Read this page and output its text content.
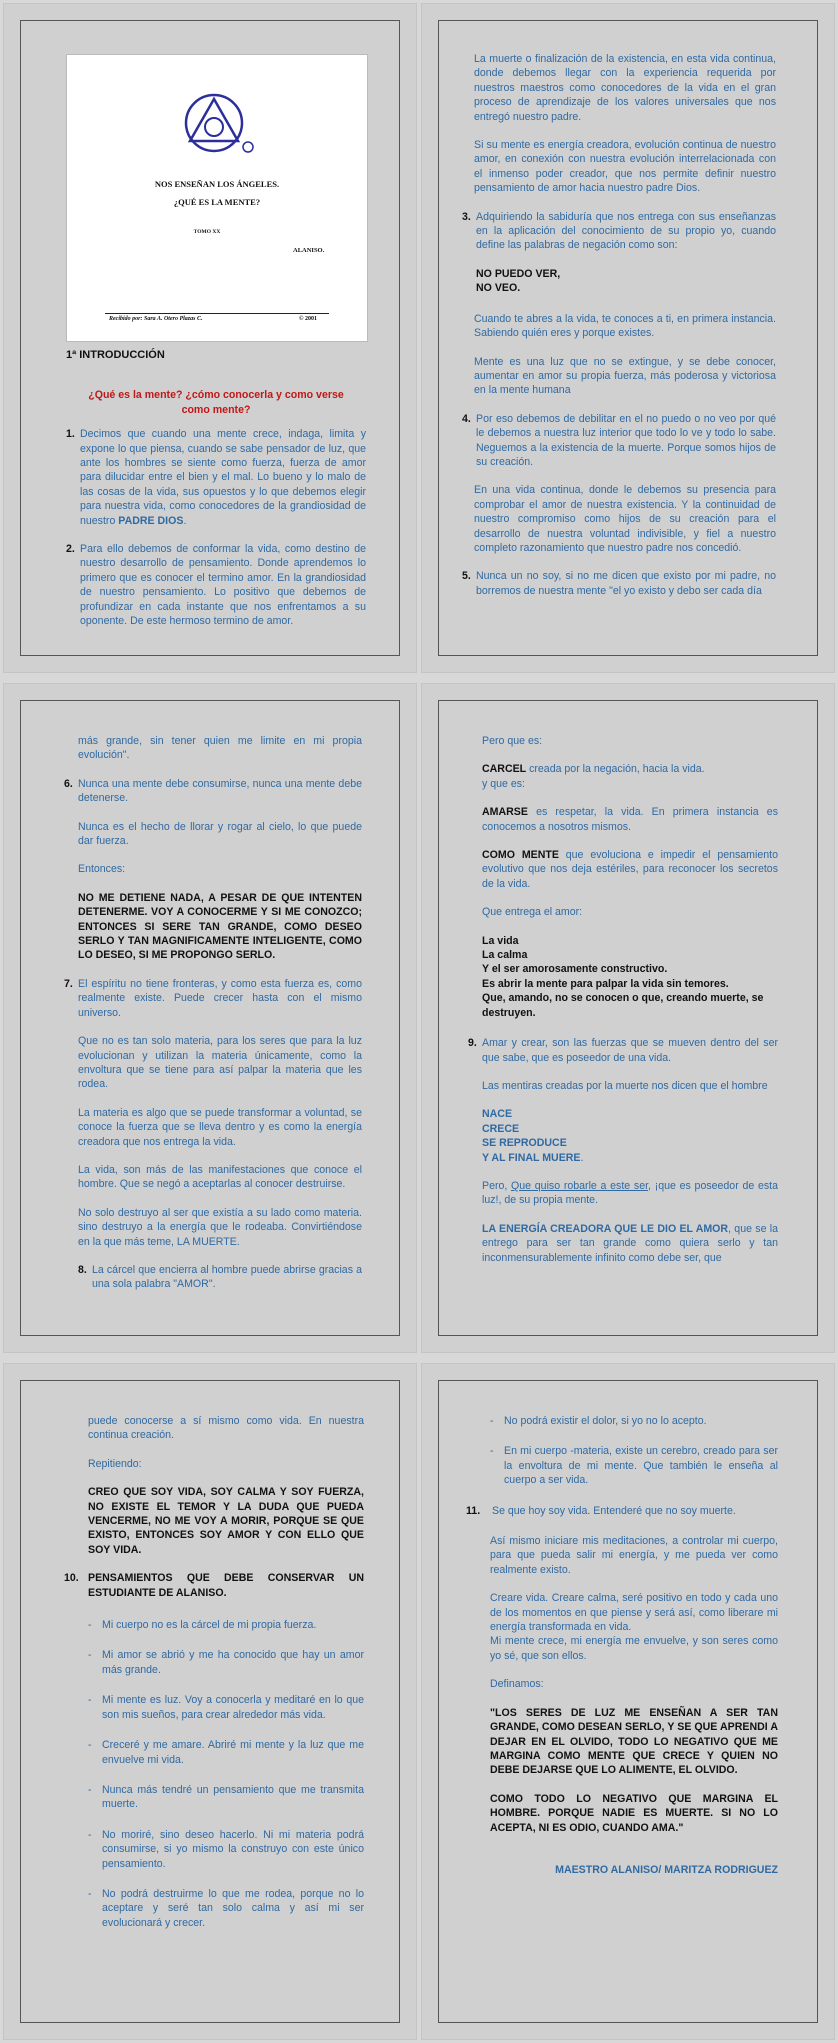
NOS ENSEÑAN LOS ÁNGELES.
¿QUÉ ES LA MENTE?
TOMO XX
ALANISO.
Recibido por: Sara A. Otero Plazas C.	© 2001
1ª INTRODUCCIÓN
¿Qué es la mente? ¿cómo conocerla y como verse como mente?
1. Decimos que cuando una mente crece, indaga, limita y expone lo que piensa, cuando se sabe pensador de luz, que ante los hombres se siente como fuerza, fuerza de amor para dilucidar entre el bien y el mal. Lo bueno y lo malo de las cosas de la vida, sus opuestos y lo que debemos elegir para nuestra vida, como conocedores de la grandiosidad de nuestro PADRE DIOS.
2. Para ello debemos de conformar la vida, como destino de nuestro desarrollo de pensamiento. Donde aprendemos lo primero que es conocer el termino amor. En la grandiosidad de nuestro pensamiento. Lo positivo que debemos de profundizar en cada instante que nos enfrentamos a su oponente. De este hermoso termino de amor.

La muerte o finalización de la existencia, en esta vida continua, donde debemos llegar con la experiencia requerida por nuestros maestros como conocedores de la vida en el gran proceso de aprendizaje de los valores universales que nos entregó nuestro padre.

Si su mente es energía creadora, evolución continua de nuestro amor, en conexión con nuestra evolución interrelacionada con el inmenso poder creador, que nos permite definir nuestro pensamiento de amor hacia nuestro padre Dios.

3. Adquiriendo la sabiduría que nos entrega con sus enseñanzas en la aplicación del conocimiento de su propio yo, cuando define las palabras de negación como son:
NO PUEDO VER,
NO VEO.

Cuando te abres a la vida, te conoces a ti, en primera instancia. Sabiendo quién eres y porque existes.

Mente es una luz que no se extingue, y se debe conocer, aumentar en amor su propia fuerza, más poderosa y victoriosa en la mente humana

4. Por eso debemos de debilitar en el no puedo o no veo por qué le debemos a nuestra luz interior que todo lo ve y todo lo sabe. Neguemos a la existencia de la muerte. Porque somos hijos de su creación.

En una vida continua, donde le debemos su presencia para comprobar el amor de nuestra existencia. Y la continuidad de nuestro compromiso como hijos de su creación para el desarrollo de nuestra voluntad indivisible, y fiel a nuestro completo razonamiento que nuestro padre nos concedió.

5. Nunca un no soy, si no me dicen que existo por mi padre, no borremos de nuestra mente "el yo existo y debo ser cada día

más grande, sin tener quien me limite en mi propia evolución".

6. Nunca una mente debe consumirse, nunca una mente debe detenerse.

Nunca es el hecho de llorar y rogar al cielo, lo que puede dar fuerza.

Entonces:

NO ME DETIENE NADA, A PESAR DE QUE INTENTEN DETENERME. VOY A CONOCERME Y SI ME CONOZCO; ENTONCES SI SERE TAN GRANDE, COMO DESEO SERLO Y TAN MAGNIFICAMENTE INTELIGENTE, COMO LO DESEO, SI ME PROPONGO SERLO.

7. El espíritu no tiene fronteras, y como esta fuerza es, como realmente existe. Puede crecer hasta con el mismo universo.

Que no es tan solo materia, para los seres que para la luz evolucionan y utilizan la materia únicamente, como la envoltura que se tiene para así palpar la materia que les rodea.

La materia es algo que se puede transformar a voluntad, se conoce la fuerza que se lleva dentro y es como la energía creadora que nos entrega la vida.

La vida, son más de las manifestaciones que conoce el hombre. Que se negó a aceptarlas al conocer destruirse.

No solo destruyo al ser que existía a su lado como materia. sino destruyo a la energía que le rodeaba. Convirtiéndose en la que más teme, LA MUERTE.

8. La cárcel que encierra al hombre puede abrirse gracias a una sola palabra "AMOR".

Pero que es:

CARCEL creada por la negación, hacia la vida.

y que es:

AMARSE es respetar, la vida. En primera instancia es conocemos a nosotros mismos.

COMO MENTE que evoluciona e impedir el pensamiento evolutivo que nos deja estériles, para reconocer los secretos de la vida.

Que entrega el amor:

La vida
La calma
Y el ser amorosamente constructivo.
Es abrir la mente para palpar la vida sin temores.
Que, amando, no se conocen o que, creando muerte, se destruyen.
9. Amar y crear, son las fuerzas que se mueven dentro del ser que sabe, que es poseedor de una vida.

Las mentiras creadas por la muerte nos dicen que el hombre

NACE
CRECE
SE REPRODUCE
Y AL FINAL MUERE.

Pero, Que quiso robarle a este ser, ¡que es poseedor de esta luz!, de su propia mente.

LA ENERGÍA CREADORA QUE LE DIO EL AMOR, que se la entrego para ser tan grande como quiera serlo y tan inconmensurablemente infinito como debe ser, que

puede conocerse a sí mismo como vida. En nuestra continua creación.

Repitiendo:

CREO QUE SOY VIDA, SOY CALMA Y SOY FUERZA, NO EXISTE EL TEMOR Y LA DUDA QUE PUEDA VENCERME, NO ME VOY A MORIR, PORQUE SE QUE EXISTO, ENTONCES SOY AMOR Y CON ELLO QUE SOY VIDA.

10. PENSAMIENTOS QUE DEBE CONSERVAR UN ESTUDIANTE DE ALANISO.
- Mi cuerpo no es la cárcel de mi propia fuerza.
- Mi amor se abrió y me ha conocido que hay un amor más grande.
- Mi mente es luz. Voy a conocerla y meditaré en lo que son mis sueños, para crear alrededor más vida.
- Creceré y me amare. Abriré mi mente y la luz que me envuelve mi vida.
- Nunca más tendré un pensamiento que me transmita muerte.
- No moriré, sino deseo hacerlo. Ni mi materia podrá consumirse, si yo mismo la construyo con este único pensamiento.
- No podrá destruirme lo que me rodea, porque no lo aceptare y seré tan solo calma y así mi ser evolucionará y crecer.
- No podrá existir el dolor, si yo no lo acepto.
- En mi cuerpo -materia, existe un cerebro, creado para ser la envoltura de mi mente. Que también le enseña al cuerpo a ser vida.
11.	Se que hoy soy vida. Entenderé que no soy muerte.

Así mismo iniciare mis meditaciones, a controlar mi cuerpo, para que pueda salir mi energía, y me pueda ver como realmente existo.

Creare vida. Creare calma, seré positivo en todo y cada uno de los momentos en que piense y será así, como liberare mi energía transformada en vida.

Mi mente crece, mi energía me envuelve, y son seres como yo sé, que son ellos.

Definamos:

"LOS SERES DE LUZ ME ENSEÑAN A SER TAN GRANDE, COMO DESEAN SERLO, Y SE QUE APRENDI A DEJAR EN EL OLVIDO, TODO LO NEGATIVO QUE ME MARGINA COMO MENTE QUE CRECE Y QUIEN NO DEBE DEJARSE QUE LO ALIMENTE, EL OLVIDO.

COMO TODO LO NEGATIVO QUE MARGINA EL HOMBRE. PORQUE NADIE ES MUERTE. SI NO LO ACEPTA, NI ES ODIO, CUANDO AMA."

MAESTRO ALANISO/ MARITZA RODRIGUEZ
